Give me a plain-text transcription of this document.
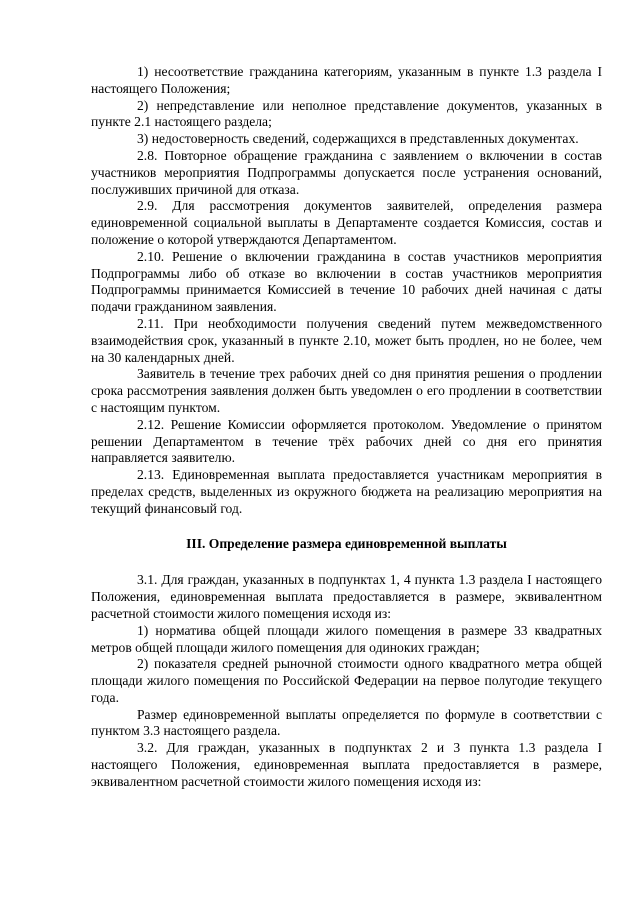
1) несоответствие гражданина категориям, указанным в пункте 1.3 раздела I настоящего Положения;

2) непредставление или неполное представление документов, указанных в пункте 2.1 настоящего раздела;

3) недостоверность сведений, содержащихся в представленных документах.

2.8. Повторное обращение гражданина с заявлением о включении в состав участников мероприятия Подпрограммы допускается после устранения оснований, послуживших причиной для отказа.

2.9. Для рассмотрения документов заявителей, определения размера единовременной социальной выплаты в Департаменте создается Комиссия, состав и положение о которой утверждаются Департаментом.

2.10. Решение о включении гражданина в состав участников мероприятия Подпрограммы либо об отказе во включении в состав участников мероприятия Подпрограммы принимается Комиссией в течение 10 рабочих дней начиная с даты подачи гражданином заявления.

2.11. При необходимости получения сведений путем межведомственного взаимодействия срок, указанный в пункте 2.10, может быть продлен, но не более, чем на 30 календарных дней.

Заявитель в течение трех рабочих дней со дня принятия решения о продлении срока рассмотрения заявления должен быть уведомлен о его продлении в соответствии с настоящим пунктом.

2.12. Решение Комиссии оформляется протоколом. Уведомление о принятом решении Департаментом в течение трёх рабочих дней со дня его принятия направляется заявителю.

2.13. Единовременная выплата предоставляется участникам мероприятия в пределах средств, выделенных из окружного бюджета на реализацию мероприятия на текущий финансовый год.

III. Определение размера единовременной выплаты

3.1. Для граждан, указанных в подпунктах 1, 4 пункта 1.3 раздела I настоящего Положения, единовременная выплата предоставляется в размере, эквивалентном расчетной стоимости жилого помещения исходя из:

1) норматива общей площади жилого помещения в размере 33 квадратных метров общей площади жилого помещения для одиноких граждан;

2) показателя средней рыночной стоимости одного квадратного метра общей площади жилого помещения по Российской Федерации на первое полугодие текущего года.

Размер единовременной выплаты определяется по формуле в соответствии с пунктом 3.3 настоящего раздела.

3.2. Для граждан, указанных в подпунктах 2 и 3 пункта 1.3 раздела I настоящего Положения, единовременная выплата предоставляется в размере, эквивалентном расчетной стоимости жилого помещения исходя из:
